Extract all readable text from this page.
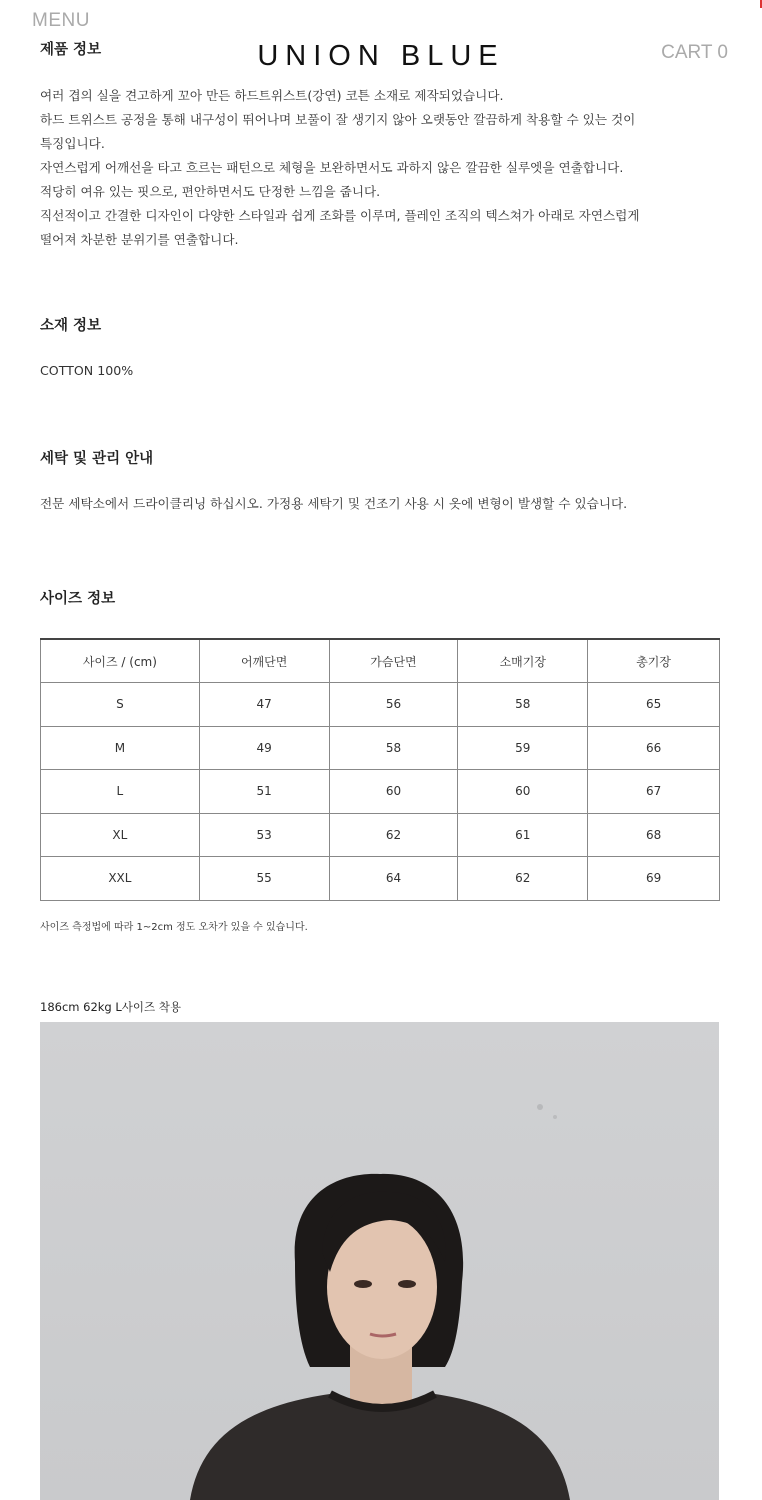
MENU
제품 정보	UNION BLUE	CART 0
여러 겹의 실을 견고하게 꼬아 만든 하드트위스트(강연) 코튼 소재로 제작되었습니다.
하드 트위스트 공정을 통해 내구성이 뛰어나며 보풀이 잘 생기지 않아 오랫동안 깔끔하게 착용할 수 있는 것이
특징입니다.
자연스럽게 어깨선을 타고 흐르는 패턴으로 체형을 보완하면서도 과하지 않은 깔끔한 실루엣을 연출합니다.
적당히 여유 있는 핏으로, 편안하면서도 단정한 느낌을 줍니다.
직선적이고 간결한 디자인이 다양한 스타일과 쉽게 조화를 이루며, 플레인 조직의 텍스쳐가 아래로 자연스럽게
떨어져 차분한 분위기를 연출합니다.
소재 정보
COTTON 100%
세탁 및 관리 안내
전문 세탁소에서 드라이클리닝 하십시오. 가정용 세탁기 및 건조기 사용 시 옷에 변형이 발생할 수 있습니다.
사이즈 정보
사이즈 / (cm)	어깨단면	가슴단면	소매기장	총기장
S	47	56	58	65
M	49	58	59	66
L	51	60	60	67
XL	53	62	61	68
XXL	55	64	62	69
사이즈 측정법에 따라 1~2cm 정도 오차가 있을 수 있습니다.
186cm 62kg L사이즈 착용
